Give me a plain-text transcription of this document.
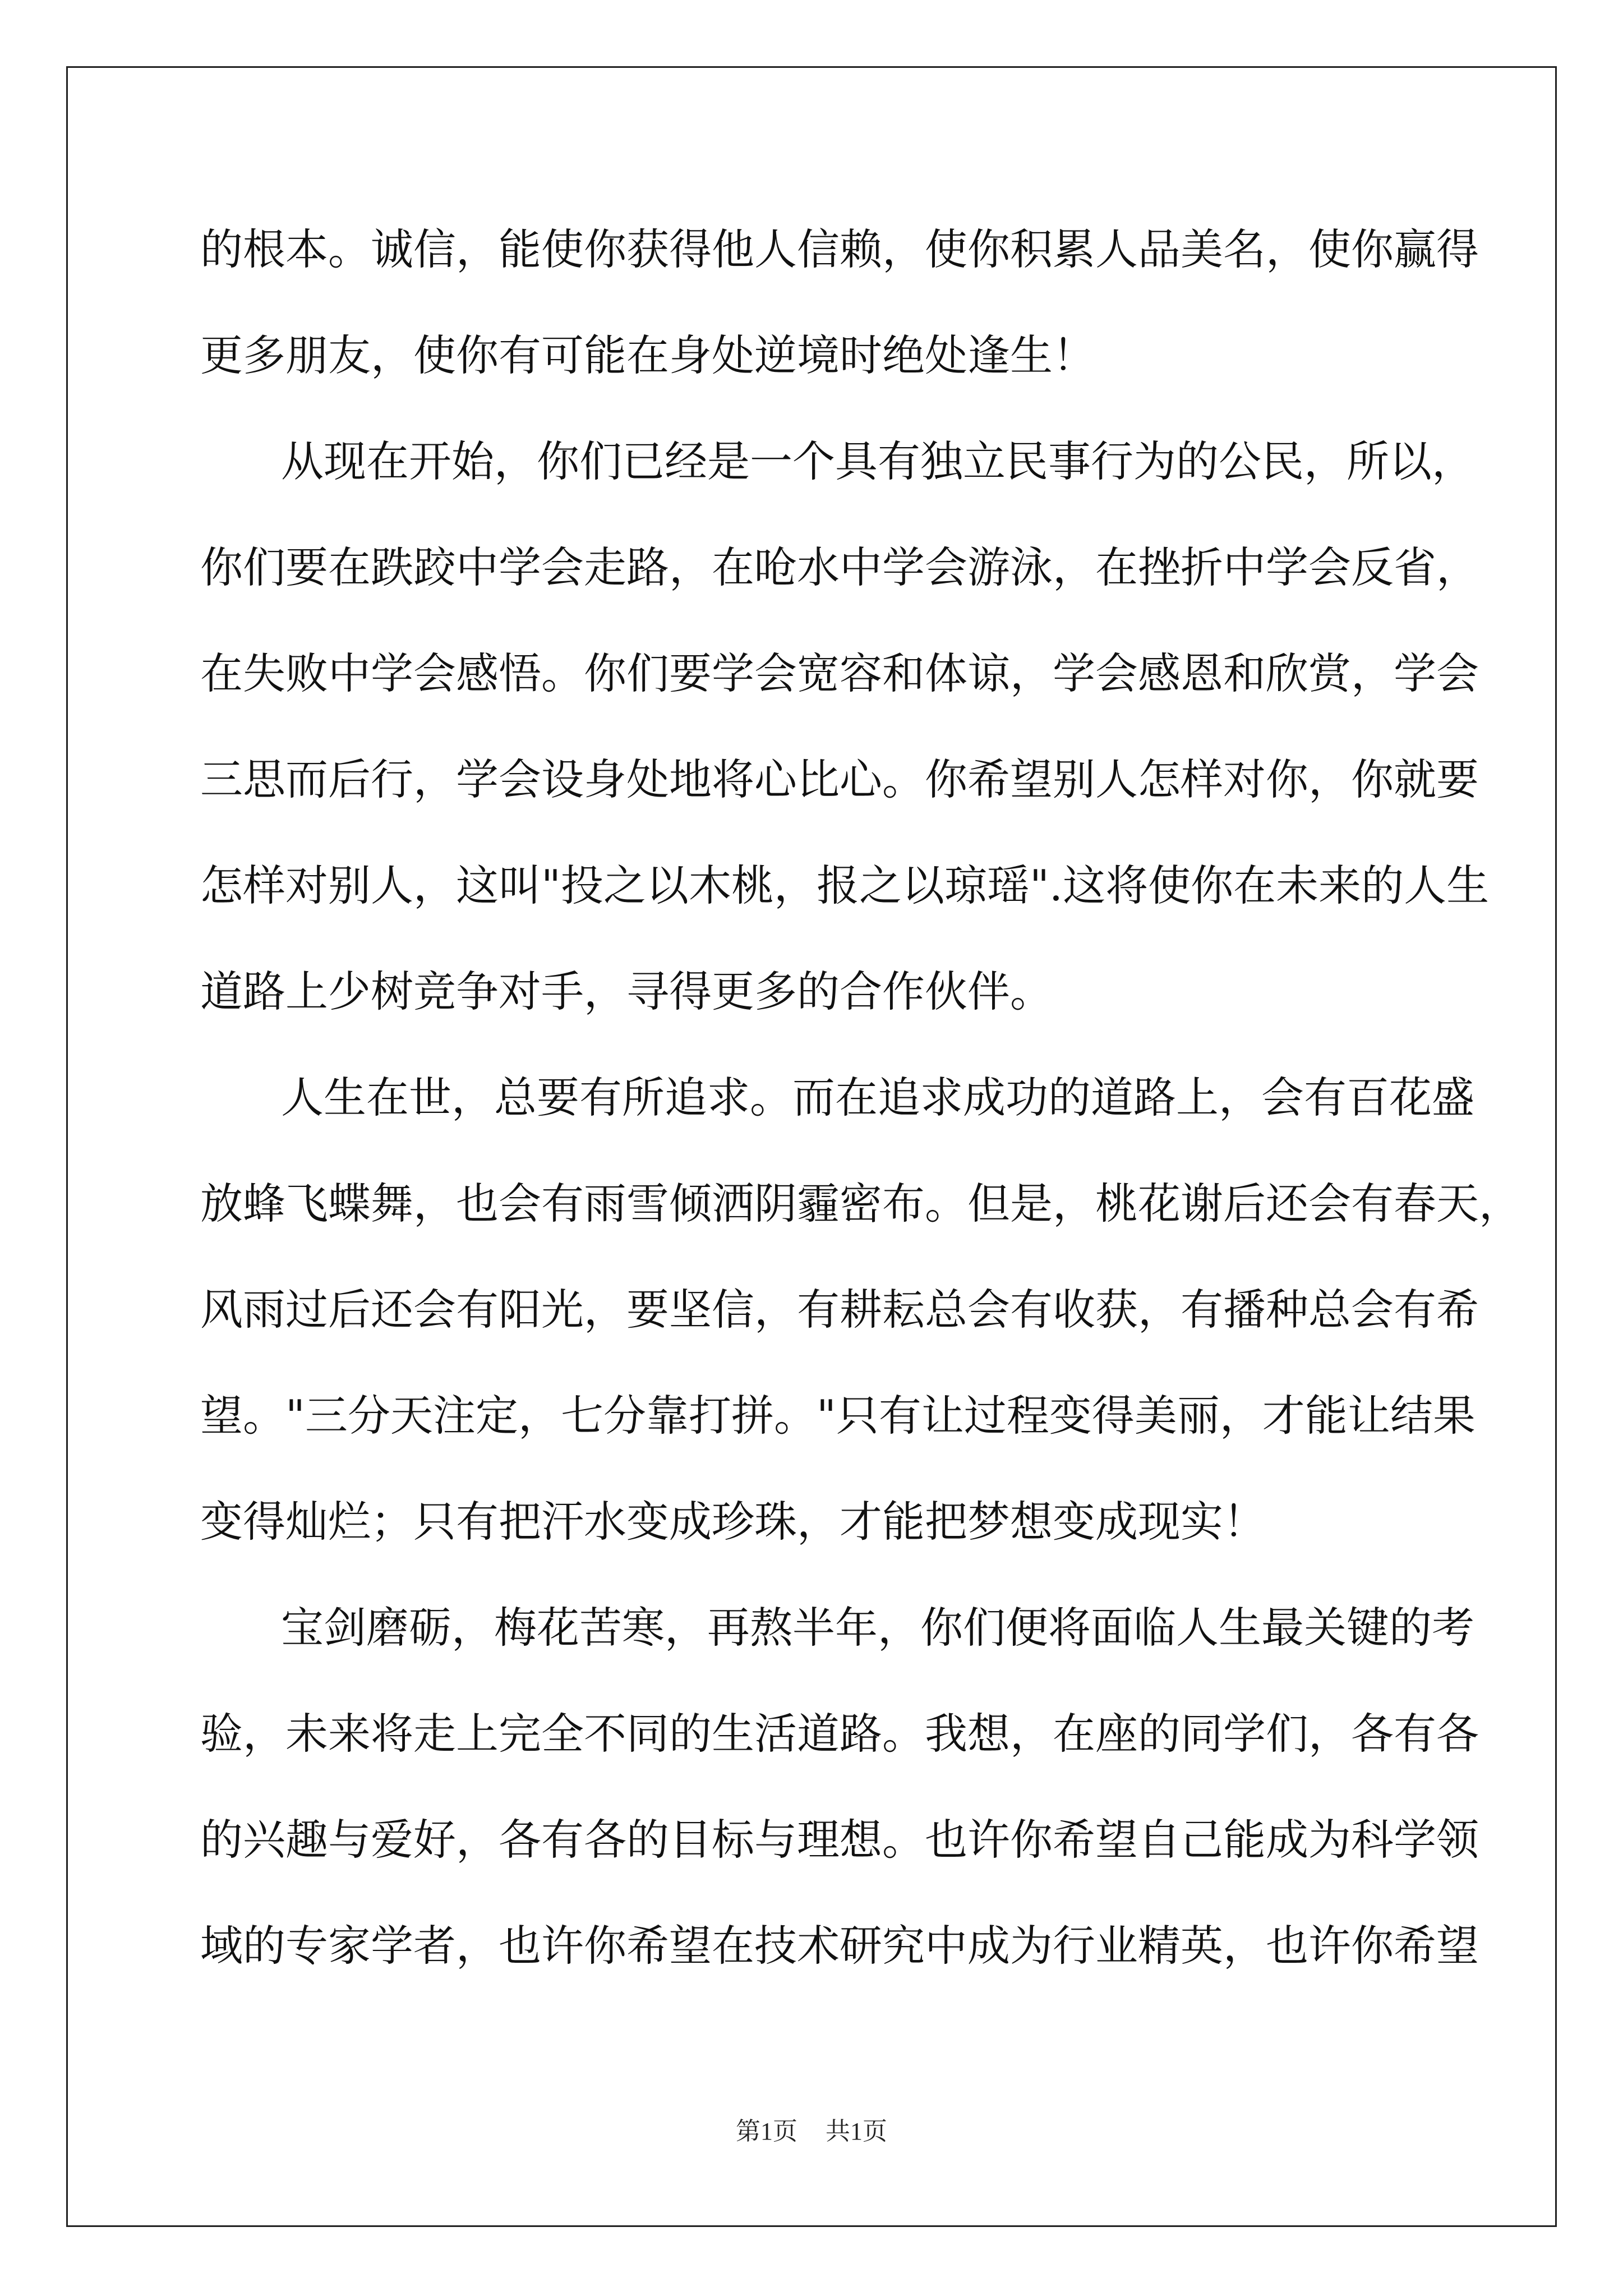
的根本。诚信，能使你获得他人信赖，使你积累人品美名，使你赢得
更多朋友，使你有可能在身处逆境时绝处逢生！
从现在开始，你们已经是一个具有独立民事行为的公民，所以，
你们要在跌跤中学会走路，在呛水中学会游泳，在挫折中学会反省，
在失败中学会感悟。你们要学会宽容和体谅，学会感恩和欣赏，学会
三思而后行，学会设身处地将心比心。你希望别人怎样对你，你就要
怎样对别人，这叫"投之以木桃，报之以琼瑶".这将使你在未来的人生
道路上少树竞争对手，寻得更多的合作伙伴。
人生在世，总要有所追求。而在追求成功的道路上，会有百花盛
放蜂飞蝶舞，也会有雨雪倾洒阴霾密布。但是，桃花谢后还会有春天，
风雨过后还会有阳光，要坚信，有耕耘总会有收获，有播种总会有希
望。"三分天注定，七分靠打拼。"只有让过程变得美丽，才能让结果
变得灿烂；只有把汗水变成珍珠，才能把梦想变成现实！
宝剑磨砺，梅花苦寒，再熬半年，你们便将面临人生最关键的考
验，未来将走上完全不同的生活道路。我想，在座的同学们，各有各
的兴趣与爱好，各有各的目标与理想。也许你希望自己能成为科学领
域的专家学者，也许你希望在技术研究中成为行业精英，也许你希望
第1页 共1页
